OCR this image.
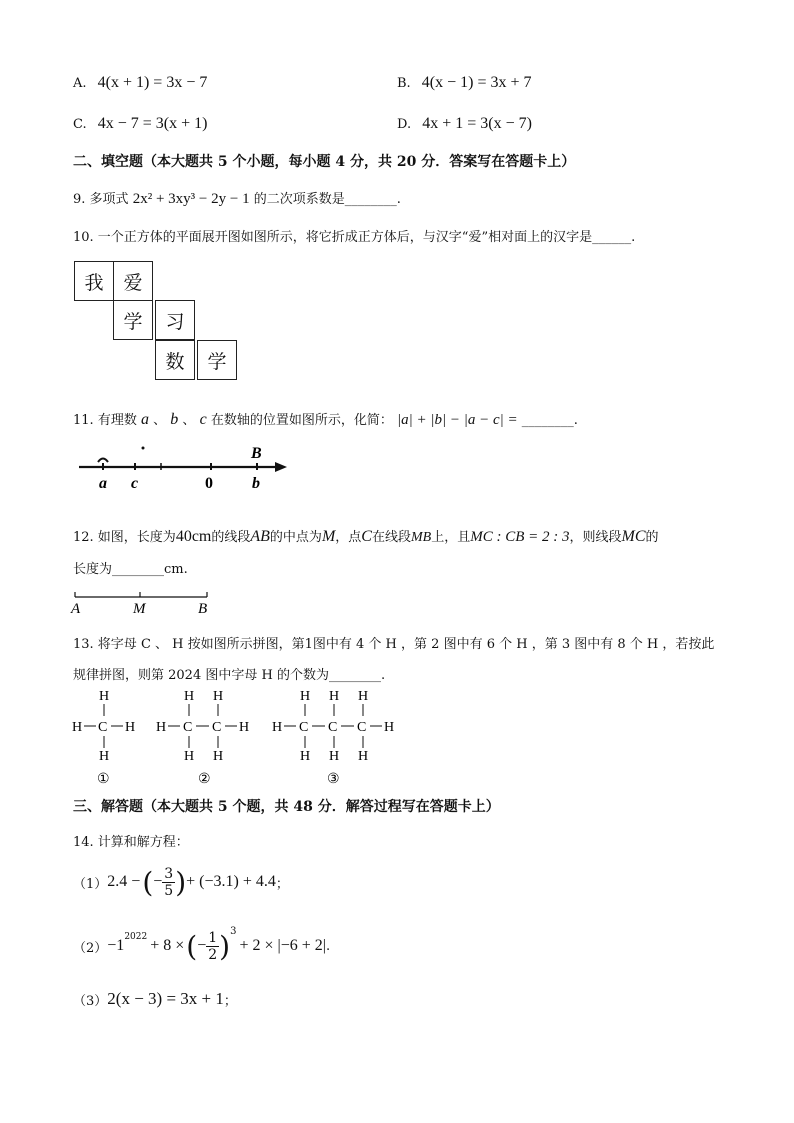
A. 4(x + 1) = 3x − 7	B. 4(x − 1) = 3x + 7
C. 4x − 7 = 3(x + 1)	D. 4x + 1 = 3(x − 7)
二、填空题（本大题共 5 个小题，每小题 4 分，共 20 分．答案写在答题卡上）
9. 多项式 2x² + 3xy³ − 2y − 1 的二次项系数是________.
10. 一个正方体的平面展开图如图所示，将它折成正方体后，与汉字“爱”相对面上的汉字是______.
我	爱
学	习
数	学
11. 有理数 a 、 b 、 c 在数轴的位置如图所示，化简： |a| + |b| − |a − c| = ________.
a c	0 b
B
12. 如图，长度为40cm的线段AB的中点为M，点C在线段MB上，且MC : CB = 2 : 3，则线段MC的
长度为________cm.
A	M	B
13. 将字母 C 、 H 按如图所示拼图，第1图中有 4 个 H ，第 2 图中有 6 个 H ，第 3 图中有 8 个 H ，若按此
规律拼图，则第 2024 图中字母 H 的个数为________.
H
H C H
H
①
H H
H C C H
H H
②
H H H
H C C C H
H H H
③
三、解答题（本大题共 5 个题，共 48 分．解答过程写在答题卡上）
14. 计算和解方程：
（1） 2.4 − ( − $\frac{3}{5}$ ) + (−3.1) + 4.4 ；
$(2) -1^{2022} + 8$ × ( − $\frac{1}{2} )^3$
+ 2 × |−6 + 2| .
（3） 2(x − 3) = 3x + 1 ；
